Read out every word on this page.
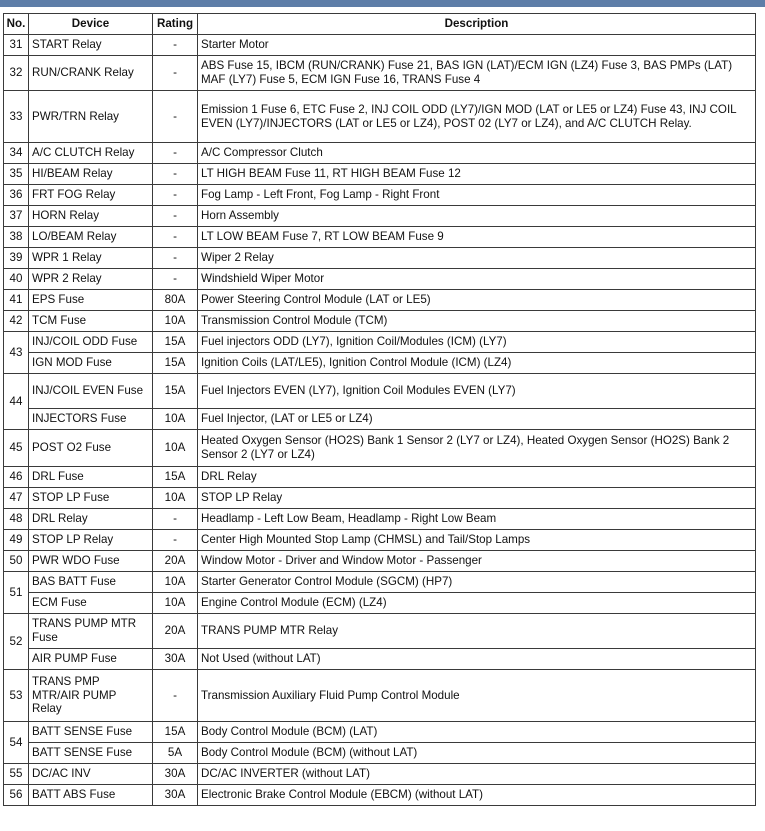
No.	Device	Rating	Description
31	START Relay	-	Starter Motor
32	RUN/CRANK Relay	-	ABS Fuse 15, IBCM (RUN/CRANK) Fuse 21, BAS IGN (LAT)/ECM IGN (LZ4) Fuse 3, BAS PMPs (LAT) MAF (LY7) Fuse 5, ECM IGN Fuse 16, TRANS Fuse 4
33	PWR/TRN Relay	-	Emission 1 Fuse 6, ETC Fuse 2, INJ COIL ODD (LY7)/IGN MOD (LAT or LE5 or LZ4) Fuse 43, INJ COIL EVEN (LY7)/INJECTORS (LAT or LE5 or LZ4), POST 02 (LY7 or LZ4), and A/C CLUTCH Relay.
34	A/C CLUTCH Relay	-	A/C Compressor Clutch
35	HI/BEAM Relay	-	LT HIGH BEAM Fuse 11, RT HIGH BEAM Fuse 12
36	FRT FOG Relay	-	Fog Lamp - Left Front, Fog Lamp - Right Front
37	HORN Relay	-	Horn Assembly
38	LO/BEAM Relay	-	LT LOW BEAM Fuse 7, RT LOW BEAM Fuse 9
39	WPR 1 Relay	-	Wiper 2 Relay
40	WPR 2 Relay	-	Windshield Wiper Motor
41	EPS Fuse	80A	Power Steering Control Module (LAT or LE5)
42	TCM Fuse	10A	Transmission Control Module (TCM)
43	INJ/COIL ODD Fuse	15A	Fuel injectors ODD (LY7), Ignition Coil/Modules (ICM) (LY7)
	IGN MOD Fuse	15A	Ignition Coils (LAT/LE5), Ignition Control Module (ICM) (LZ4)
44	INJ/COIL EVEN Fuse	15A	Fuel Injectors EVEN (LY7), Ignition Coil Modules EVEN (LY7)
	INJECTORS Fuse	10A	Fuel Injector, (LAT or LE5 or LZ4)
45	POST O2 Fuse	10A	Heated Oxygen Sensor (HO2S) Bank 1 Sensor 2 (LY7 or LZ4), Heated Oxygen Sensor (HO2S) Bank 2 Sensor 2 (LY7 or LZ4)
46	DRL Fuse	15A	DRL Relay
47	STOP LP Fuse	10A	STOP LP Relay
48	DRL Relay	-	Headlamp - Left Low Beam, Headlamp - Right Low Beam
49	STOP LP Relay	-	Center High Mounted Stop Lamp (CHMSL) and Tail/Stop Lamps
50	PWR WDO Fuse	20A	Window Motor - Driver and Window Motor - Passenger
51	BAS BATT Fuse	10A	Starter Generator Control Module (SGCM) (HP7)
	ECM Fuse	10A	Engine Control Module (ECM) (LZ4)
52	TRANS PUMP MTR Fuse	20A	TRANS PUMP MTR Relay
	AIR PUMP Fuse	30A	Not Used (without LAT)
53	TRANS PMP MTR/AIR PUMP Relay	-	Transmission Auxiliary Fluid Pump Control Module
54	BATT SENSE Fuse	15A	Body Control Module (BCM) (LAT)
	BATT SENSE Fuse	5A	Body Control Module (BCM) (without LAT)
55	DC/AC INV	30A	DC/AC INVERTER (without LAT)
56	BATT ABS Fuse	30A	Electronic Brake Control Module (EBCM) (without LAT)
